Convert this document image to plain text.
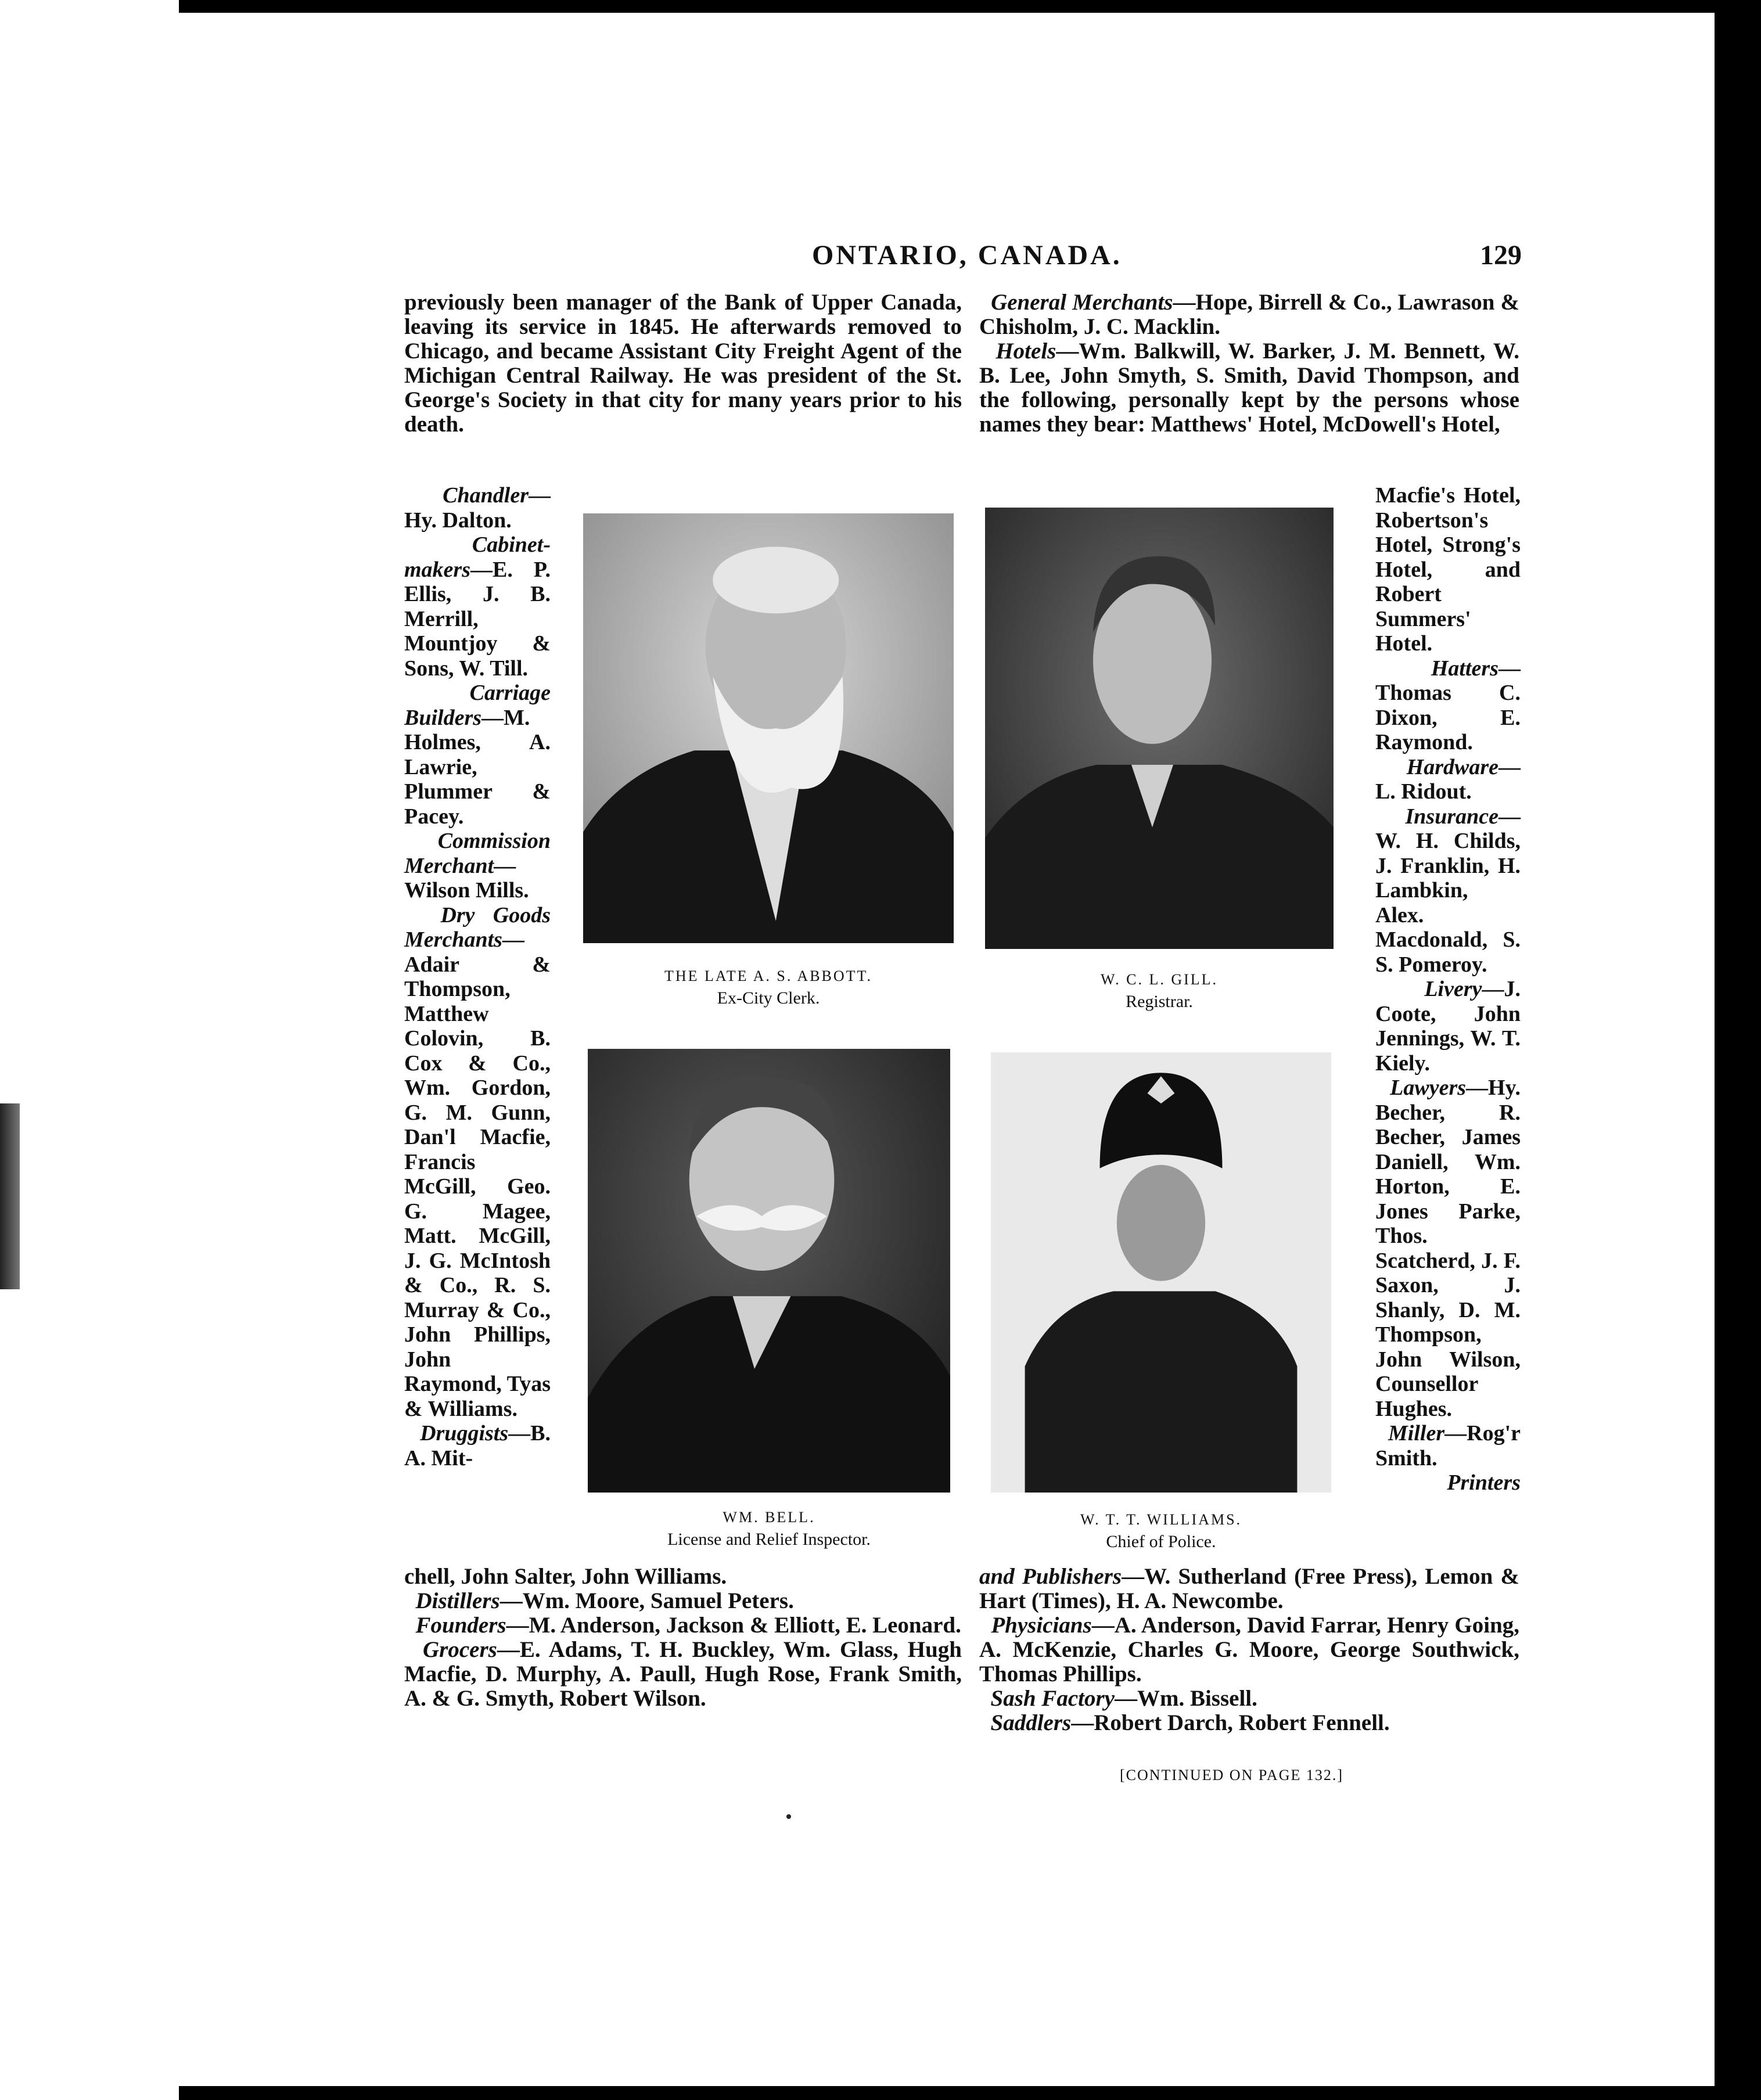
ONTARIO, CANADA.	129

previously been manager of the Bank of Upper Canada, leaving its service in 1845. He afterwards removed to Chicago, and became Assistant City Freight Agent of the Michigan Central Railway. He was president of the St. George's Society in that city for many years prior to his death.

General Merchants—Hope, Birrell & Co., Lawrason & Chisholm, J. C. Macklin.

Hotels—Wm. Balkwill, W. Barker, J. M. Bennett, W. B. Lee, John Smyth, S. Smith, David Thompson, and the following, personally kept by the persons whose names they bear: Matthews' Hotel, McDowell's Hotel,

Chandler—Hy. Dalton.

Cabinet-makers—E. P. Ellis, J. B. Merrill, Mountjoy & Sons, W. Till.

Carriage Builders—M. Holmes, A. Lawrie, Plummer & Pacey.

Commission Merchant—Wilson Mills.

Dry Goods Merchants—Adair & Thompson, Matthew Colovin, B. Cox & Co., Wm. Gordon, G. M. Gunn, Dan'l Macfie, Francis McGill, Geo. G. Magee, Matt. McGill, J. G. McIntosh & Co., R. S. Murray & Co., John Phillips, John Raymond, Tyas & Williams.

Druggists—B. A. Mit-

Macfie's Hotel, Robertson's Hotel, Strong's Hotel, and Robert Summers' Hotel.

Hatters—Thomas C. Dixon, E. Raymond.

Hardware—L. Ridout.

Insurance—W. H. Childs, J. Franklin, H. Lambkin, Alex. Macdonald, S. S. Pomeroy.

Livery—J. Coote, John Jennings, W. T. Kiely.

Lawyers—Hy. Becher, R. Becher, James Daniell, Wm. Horton, E. Jones Parke, Thos. Scatcherd, J. F. Saxon, J. Shanly, D. M. Thompson, John Wilson, Counsellor Hughes.

Miller—Rog'r Smith.

Printers

THE LATE A. S. ABBOTT.
Ex-City Clerk.
W. C. L. GILL.
Registrar.
WM. BELL.
License and Relief Inspector.
W. T. T. WILLIAMS.
Chief of Police.

chell, John Salter, John Williams.

Distillers—Wm. Moore, Samuel Peters.

Founders—M. Anderson, Jackson & Elliott, E. Leonard.

Grocers—E. Adams, T. H. Buckley, Wm. Glass, Hugh Macfie, D. Murphy, A. Paull, Hugh Rose, Frank Smith, A. & G. Smyth, Robert Wilson.

and Publishers—W. Sutherland (Free Press), Lemon & Hart (Times), H. A. Newcombe.

Physicians—A. Anderson, David Farrar, Henry Going, A. McKenzie, Charles G. Moore, George Southwick, Thomas Phillips.

Sash Factory—Wm. Bissell.

Saddlers—Robert Darch, Robert Fennell.

[CONTINUED ON PAGE 132.]
